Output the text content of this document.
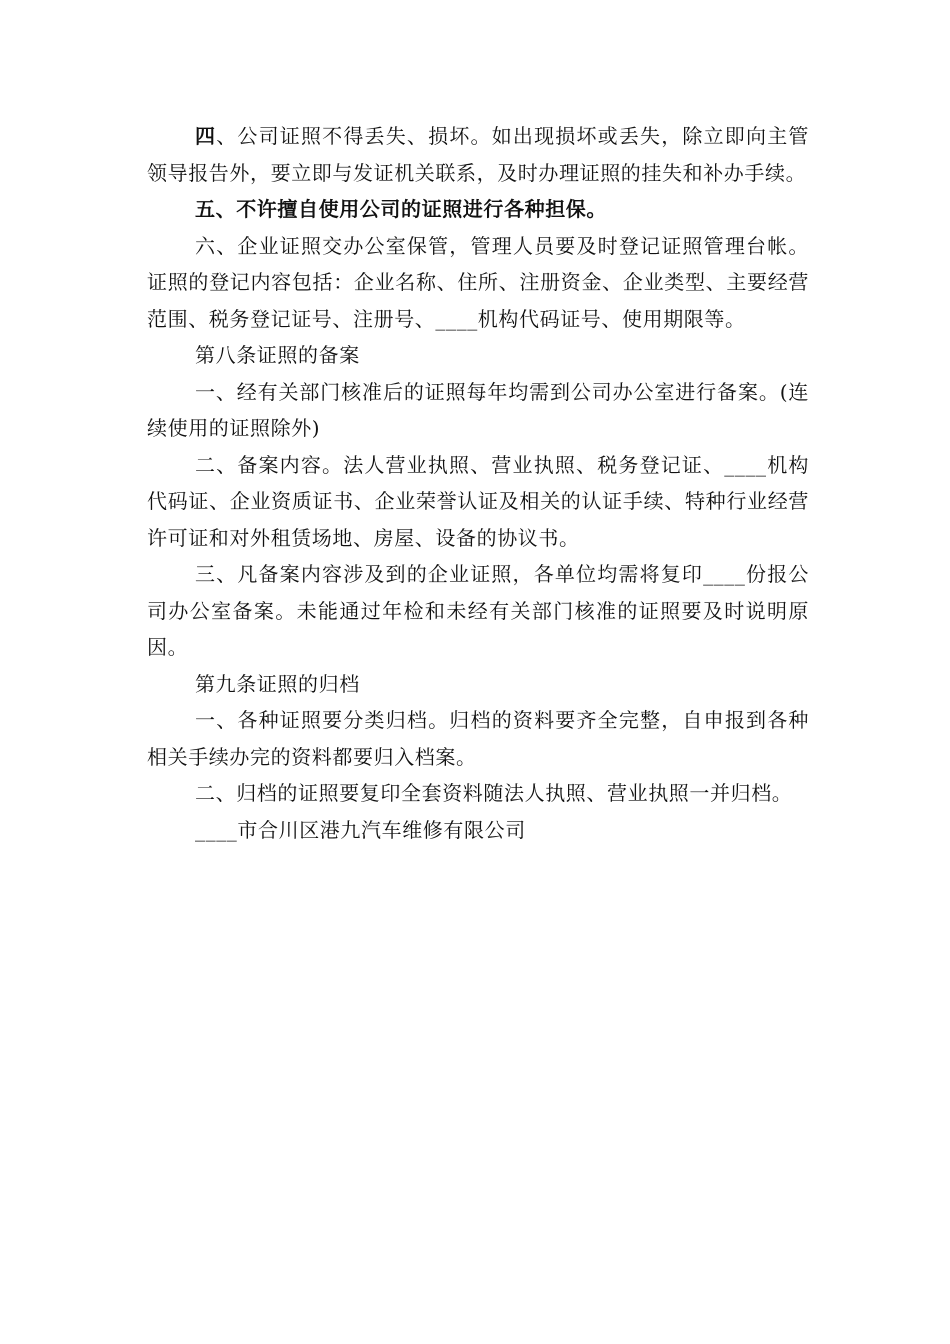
四、公司证照不得丢失、损坏。如出现损坏或丢失，除立即向主管领导报告外，要立即与发证机关联系，及时办理证照的挂失和补办手续。

五、不许擅自使用公司的证照进行各种担保。

六、企业证照交办公室保管，管理人员要及时登记证照管理台帐。证照的登记内容包括：企业名称、住所、注册资金、企业类型、主要经营范围、税务登记证号、注册号、____机构代码证号、使用期限等。

第八条证照的备案

一、经有关部门核准后的证照每年均需到公司办公室进行备案。(连续使用的证照除外)

二、备案内容。法人营业执照、营业执照、税务登记证、____机构代码证、企业资质证书、企业荣誉认证及相关的认证手续、特种行业经营许可证和对外租赁场地、房屋、设备的协议书。

三、凡备案内容涉及到的企业证照，各单位均需将复印____份报公司办公室备案。未能通过年检和未经有关部门核准的证照要及时说明原因。

第九条证照的归档

一、各种证照要分类归档。归档的资料要齐全完整，自申报到各种相关手续办完的资料都要归入档案。

二、归档的证照要复印全套资料随法人执照、营业执照一并归档。

____市合川区港九汽车维修有限公司
